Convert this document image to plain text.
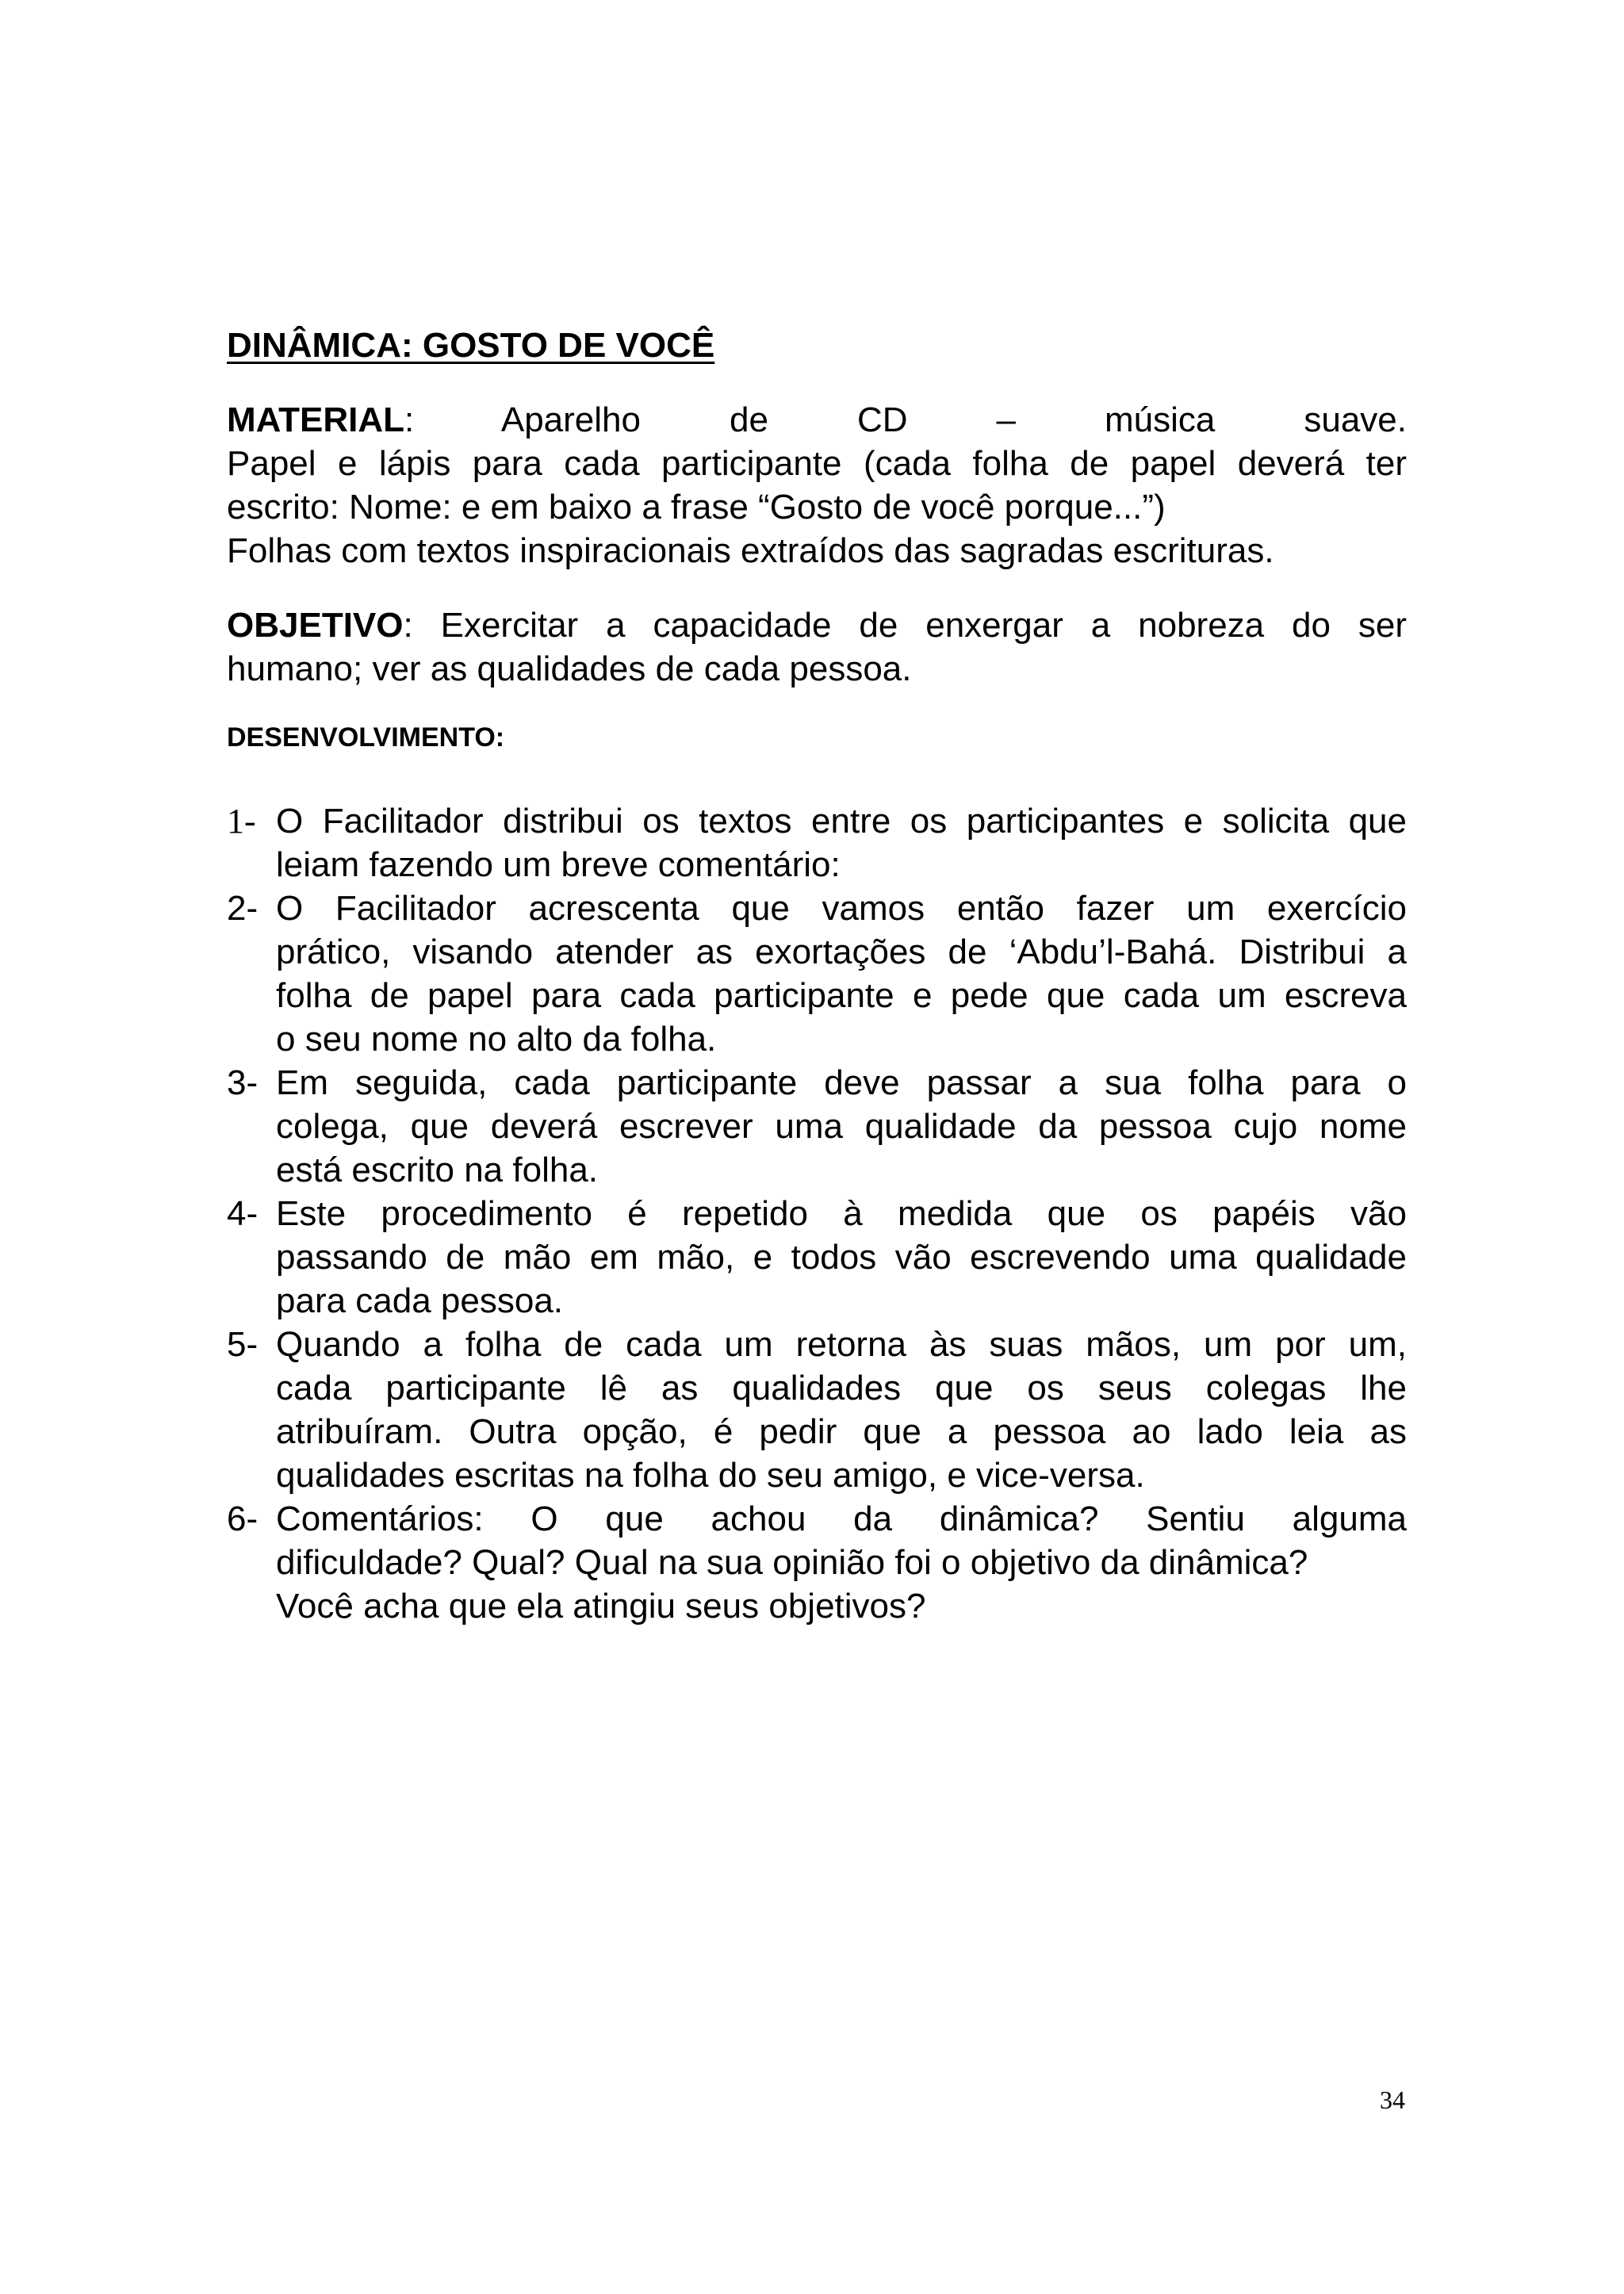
DINÂMICA: GOSTO DE VOCÊ
MATERIAL: Aparelho de CD – música suave.
Papel e lápis para cada participante (cada folha de papel deverá ter
escrito: Nome: e em baixo a frase “Gosto de você porque...”)
Folhas com textos inspiracionais extraídos das sagradas escrituras.
OBJETIVO: Exercitar a capacidade de enxergar a nobreza do ser
humano; ver as qualidades de cada pessoa.
DESENVOLVIMENTO:
1- O Facilitador distribui os textos entre os participantes e solicita que
leiam fazendo um breve comentário:
2- O Facilitador acrescenta que vamos então fazer um exercício
prático, visando atender as exortações de ‘Abdu’l-Bahá. Distribui a
folha de papel para cada participante e pede que cada um escreva
o seu nome no alto da folha.
3- Em seguida, cada participante deve passar a sua folha para o
colega, que deverá escrever uma qualidade da pessoa cujo nome
está escrito na folha.
4- Este procedimento é repetido à medida que os papéis vão
passando de mão em mão, e todos vão escrevendo uma qualidade
para cada pessoa.
5- Quando a folha de cada um retorna às suas mãos, um por um,
cada participante lê as qualidades que os seus colegas lhe
atribuíram. Outra opção, é pedir que a pessoa ao lado leia as
qualidades escritas na folha do seu amigo, e vice-versa.
6- Comentários: O que achou da dinâmica? Sentiu alguma
dificuldade? Qual? Qual na sua opinião foi o objetivo da dinâmica?
Você acha que ela atingiu seus objetivos?
34
